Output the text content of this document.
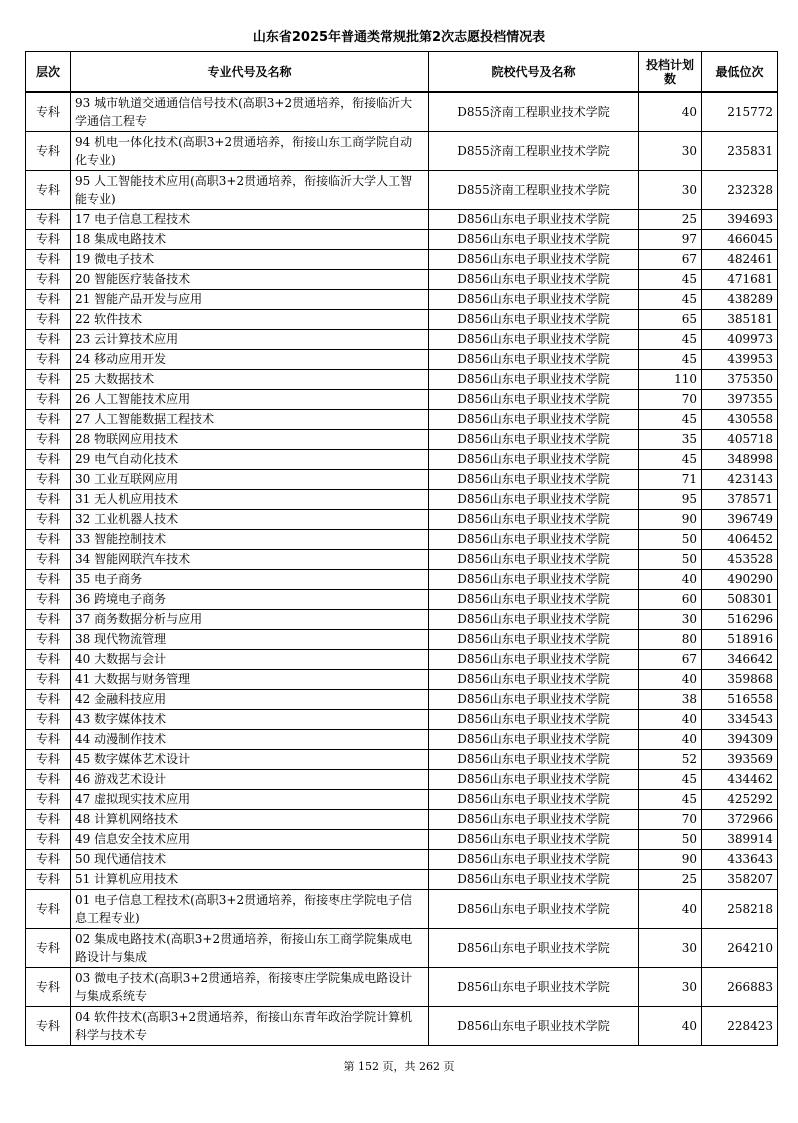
山东省2025年普通类常规批第2次志愿投档情况表
层次	专业代号及名称	院校代号及名称	投档计划数	最低位次
专科	93 城市轨道交通通信信号技术(高职3+2贯通培养，衔接临沂大学通信工程专	D855济南工程职业技术学院	40	215772
专科	94 机电一体化技术(高职3+2贯通培养，衔接山东工商学院自动化专业)	D855济南工程职业技术学院	30	235831
专科	95 人工智能技术应用(高职3+2贯通培养，衔接临沂大学人工智能专业)	D855济南工程职业技术学院	30	232328
专科	17 电子信息工程技术	D856山东电子职业技术学院	25	394693
专科	18 集成电路技术	D856山东电子职业技术学院	97	466045
专科	19 微电子技术	D856山东电子职业技术学院	67	482461
专科	20 智能医疗装备技术	D856山东电子职业技术学院	45	471681
专科	21 智能产品开发与应用	D856山东电子职业技术学院	45	438289
专科	22 软件技术	D856山东电子职业技术学院	65	385181
专科	23 云计算技术应用	D856山东电子职业技术学院	45	409973
专科	24 移动应用开发	D856山东电子职业技术学院	45	439953
专科	25 大数据技术	D856山东电子职业技术学院	110	375350
专科	26 人工智能技术应用	D856山东电子职业技术学院	70	397355
专科	27 人工智能数据工程技术	D856山东电子职业技术学院	45	430558
专科	28 物联网应用技术	D856山东电子职业技术学院	35	405718
专科	29 电气自动化技术	D856山东电子职业技术学院	45	348998
专科	30 工业互联网应用	D856山东电子职业技术学院	71	423143
专科	31 无人机应用技术	D856山东电子职业技术学院	95	378571
专科	32 工业机器人技术	D856山东电子职业技术学院	90	396749
专科	33 智能控制技术	D856山东电子职业技术学院	50	406452
专科	34 智能网联汽车技术	D856山东电子职业技术学院	50	453528
专科	35 电子商务	D856山东电子职业技术学院	40	490290
专科	36 跨境电子商务	D856山东电子职业技术学院	60	508301
专科	37 商务数据分析与应用	D856山东电子职业技术学院	30	516296
专科	38 现代物流管理	D856山东电子职业技术学院	80	518916
专科	40 大数据与会计	D856山东电子职业技术学院	67	346642
专科	41 大数据与财务管理	D856山东电子职业技术学院	40	359868
专科	42 金融科技应用	D856山东电子职业技术学院	38	516558
专科	43 数字媒体技术	D856山东电子职业技术学院	40	334543
专科	44 动漫制作技术	D856山东电子职业技术学院	40	394309
专科	45 数字媒体艺术设计	D856山东电子职业技术学院	52	393569
专科	46 游戏艺术设计	D856山东电子职业技术学院	45	434462
专科	47 虚拟现实技术应用	D856山东电子职业技术学院	45	425292
专科	48 计算机网络技术	D856山东电子职业技术学院	70	372966
专科	49 信息安全技术应用	D856山东电子职业技术学院	50	389914
专科	50 现代通信技术	D856山东电子职业技术学院	90	433643
专科	51 计算机应用技术	D856山东电子职业技术学院	25	358207
专科	01 电子信息工程技术(高职3+2贯通培养，衔接枣庄学院电子信息工程专业)	D856山东电子职业技术学院	40	258218
专科	02 集成电路技术(高职3+2贯通培养，衔接山东工商学院集成电路设计与集成	D856山东电子职业技术学院	30	264210
专科	03 微电子技术(高职3+2贯通培养，衔接枣庄学院集成电路设计与集成系统专	D856山东电子职业技术学院	30	266883
专科	04 软件技术(高职3+2贯通培养，衔接山东青年政治学院计算机科学与技术专	D856山东电子职业技术学院	40	228423
第 152 页，共 262 页
